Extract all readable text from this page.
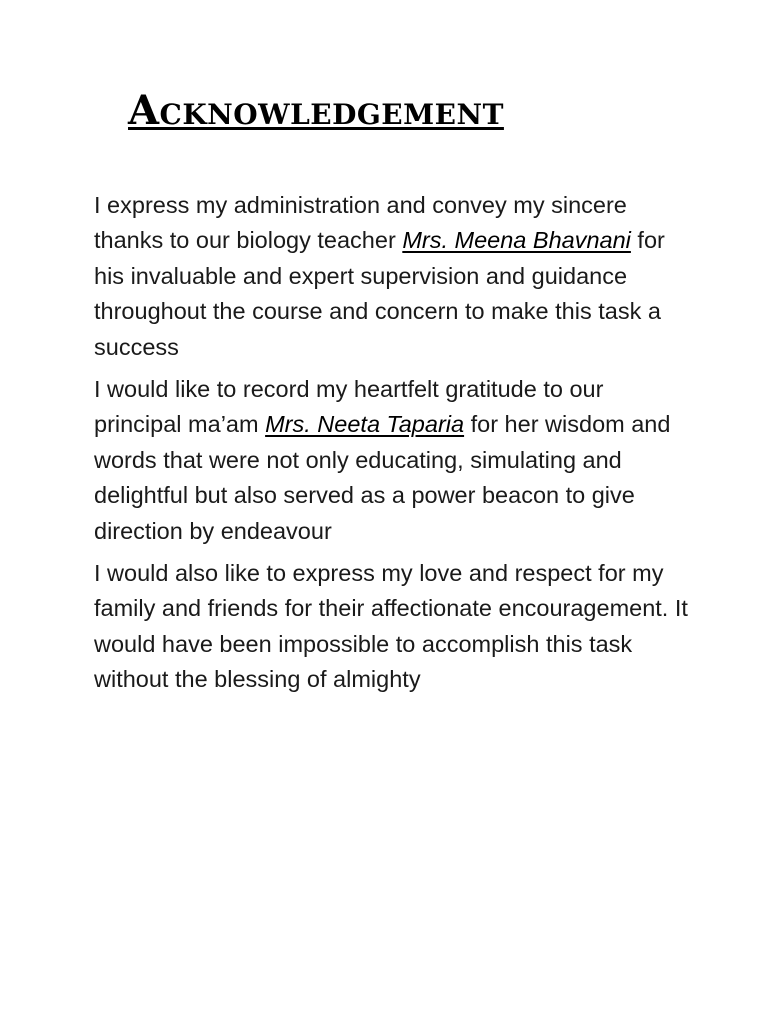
Acknowledgement

I express my administration and convey my sincere thanks to our biology teacher Mrs. Meena Bhavnani for his invaluable and expert supervision and guidance throughout the course and concern to make this task a success

I would like to record my heartfelt gratitude to our principal ma’am Mrs. Neeta Taparia for her wisdom and words that were not only educating, simulating and delightful but also served as a power beacon to give direction by endeavour

I would also like to express my love and respect for my family and friends for their affectionate encouragement. It would have been impossible to accomplish this task without the blessing of almighty
